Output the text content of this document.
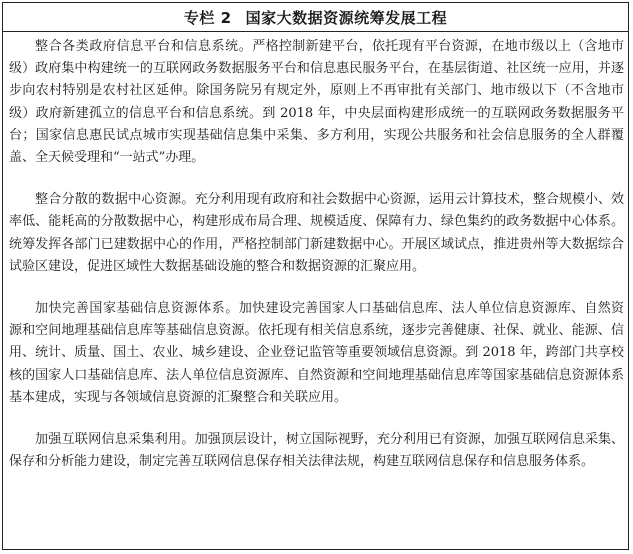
专栏 2 国家大数据资源统筹发展工程

整合各类政府信息平台和信息系统。严格控制新建平台，依托现有平台资源，在地市级以上（含地市级）政府集中构建统一的互联网政务数据服务平台和信息惠民服务平台，在基层街道、社区统一应用，并逐步向农村特别是农村社区延伸。除国务院另有规定外，原则上不再审批有关部门、地市级以下（不含地市级）政府新建孤立的信息平台和信息系统。到 2018 年，中央层面构建形成统一的互联网政务数据服务平台；国家信息惠民试点城市实现基础信息集中采集、多方利用，实现公共服务和社会信息服务的全人群覆盖、全天候受理和“一站式”办理。

整合分散的数据中心资源。充分利用现有政府和社会数据中心资源，运用云计算技术，整合规模小、效率低、能耗高的分散数据中心，构建形成布局合理、规模适度、保障有力、绿色集约的政务数据中心体系。统筹发挥各部门已建数据中心的作用，严格控制部门新建数据中心。开展区域试点，推进贵州等大数据综合试验区建设，促进区域性大数据基础设施的整合和数据资源的汇聚应用。

加快完善国家基础信息资源体系。加快建设完善国家人口基础信息库、法人单位信息资源库、自然资源和空间地理基础信息库等基础信息资源。依托现有相关信息系统，逐步完善健康、社保、就业、能源、信用、统计、质量、国土、农业、城乡建设、企业登记监管等重要领域信息资源。到 2018 年，跨部门共享校核的国家人口基础信息库、法人单位信息资源库、自然资源和空间地理基础信息库等国家基础信息资源体系基本建成，实现与各领域信息资源的汇聚整合和关联应用。

加强互联网信息采集利用。加强顶层设计，树立国际视野，充分利用已有资源，加强互联网信息采集、保存和分析能力建设，制定完善互联网信息保存相关法律法规，构建互联网信息保存和信息服务体系。
